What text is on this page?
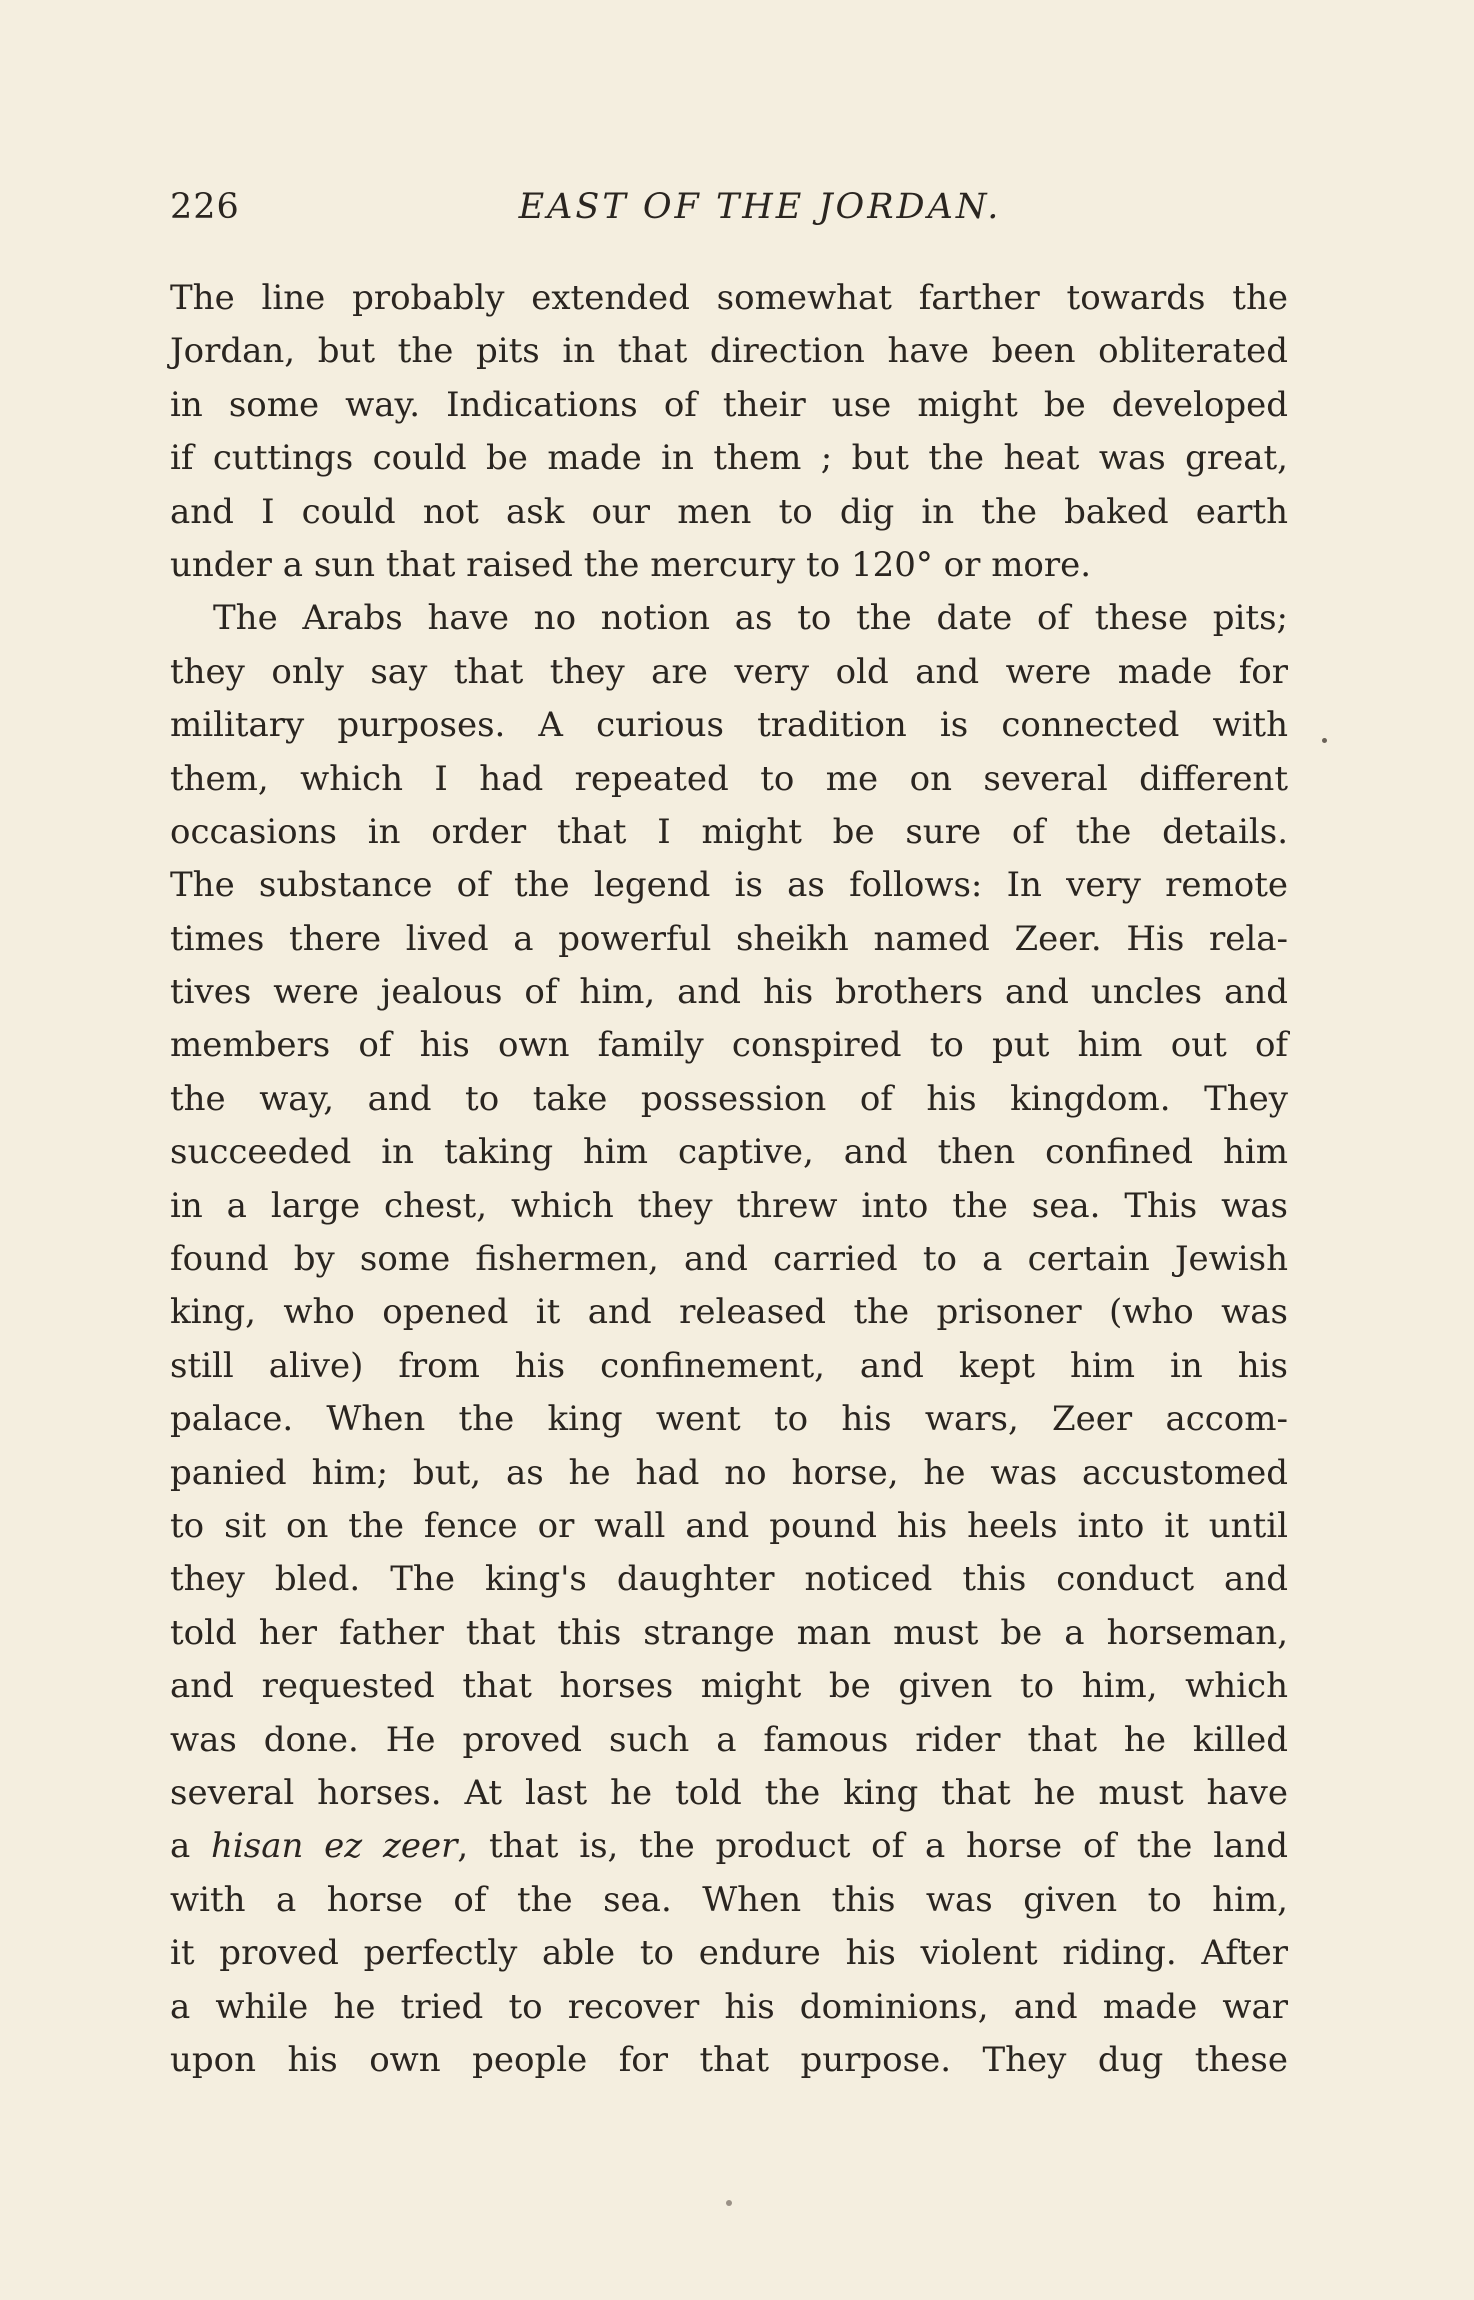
226	EAST OF THE JORDAN.
The line probably extended somewhat farther towards the
Jordan, but the pits in that direction have been obliterated
in some way. Indications of their use might be developed
if cuttings could be made in them ; but the heat was great,
and I could not ask our men to dig in the baked earth
under a sun that raised the mercury to 120° or more.
The Arabs have no notion as to the date of these pits;
they only say that they are very old and were made for
military purposes. A curious tradition is connected with
them, which I had repeated to me on several different
occasions in order that I might be sure of the details.
The substance of the legend is as follows: In very remote
times there lived a powerful sheikh named Zeer. His rela-
tives were jealous of him, and his brothers and uncles and
members of his own family conspired to put him out of
the way, and to take possession of his kingdom. They
succeeded in taking him captive, and then confined him
in a large chest, which they threw into the sea. This was
found by some fishermen, and carried to a certain Jewish
king, who opened it and released the prisoner (who was
still alive) from his confinement, and kept him in his
palace. When the king went to his wars, Zeer accom-
panied him; but, as he had no horse, he was accustomed
to sit on the fence or wall and pound his heels into it until
they bled. The king's daughter noticed this conduct and
told her father that this strange man must be a horseman,
and requested that horses might be given to him, which
was done. He proved such a famous rider that he killed
several horses. At last he told the king that he must have
a hisan ez zeer, that is, the product of a horse of the land
with a horse of the sea. When this was given to him,
it proved perfectly able to endure his violent riding. After
a while he tried to recover his dominions, and made war
upon his own people for that purpose. They dug these
